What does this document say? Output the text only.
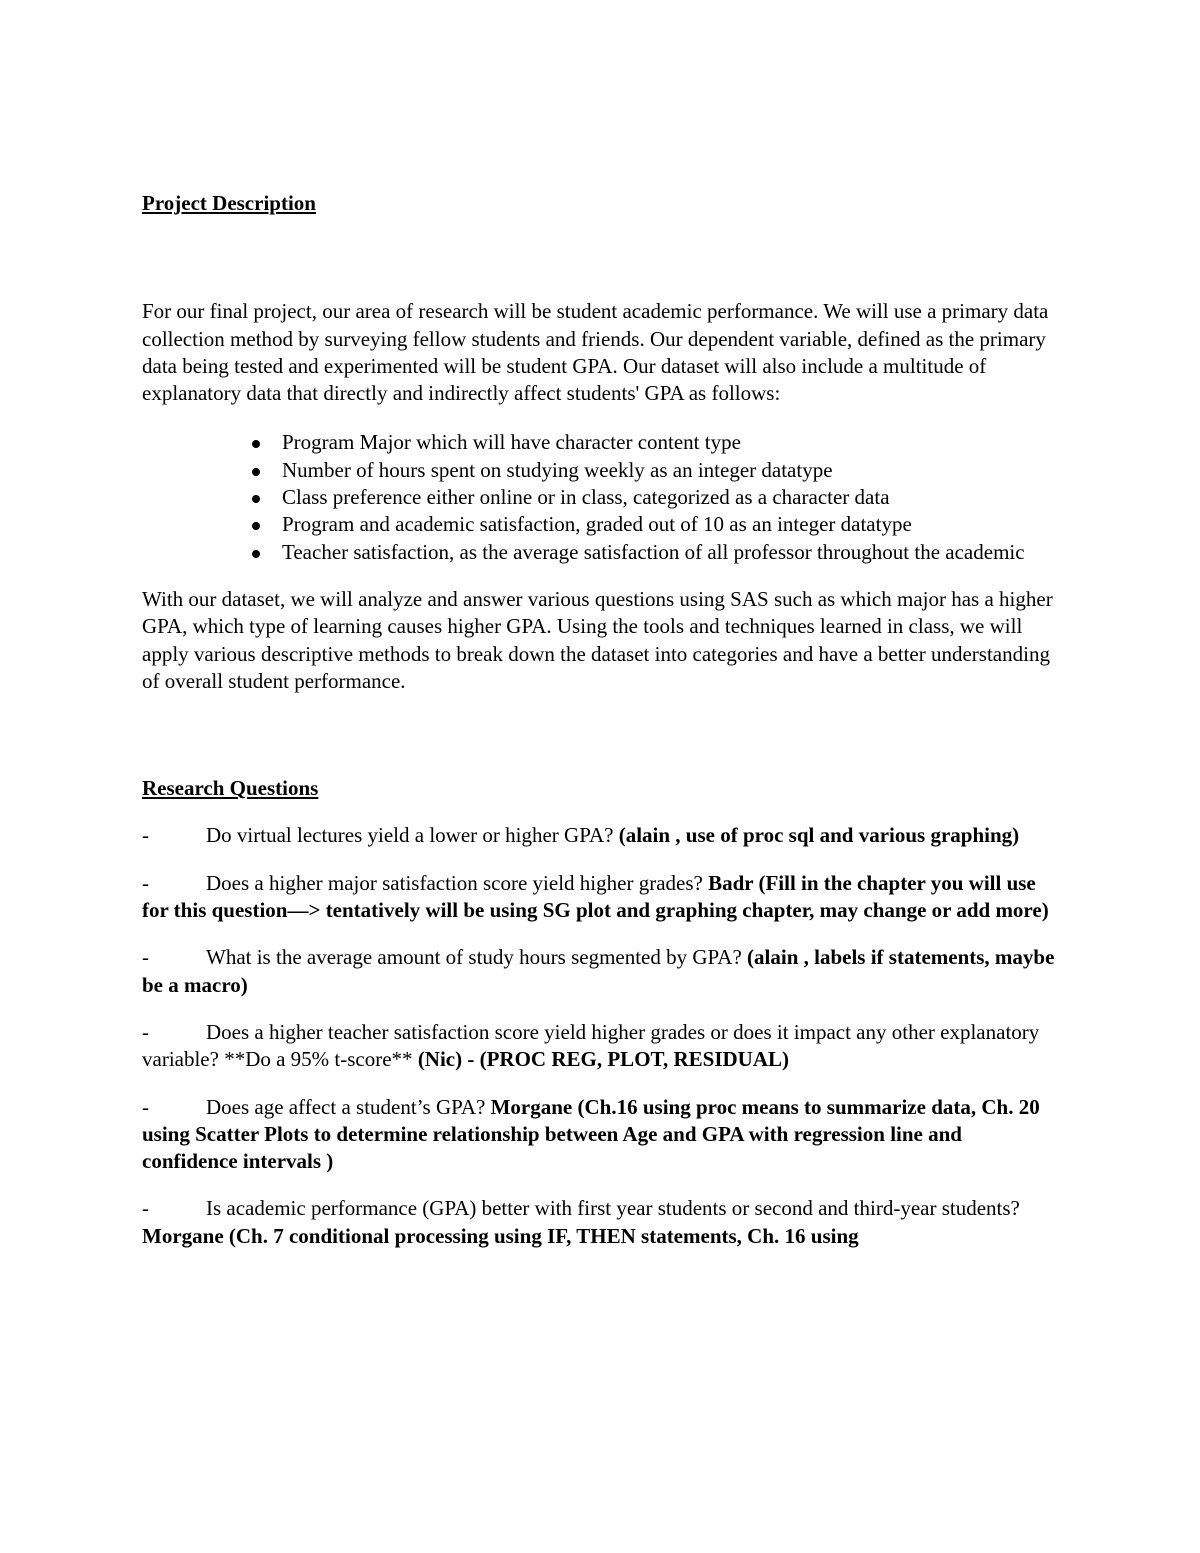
Project Description

For our final project, our area of research will be student academic performance. We will use a primary data collection method by surveying fellow students and friends. Our dependent variable, defined as the primary data being tested and experimented will be student GPA. Our dataset will also include a multitude of explanatory data that directly and indirectly affect students' GPA as follows:

Program Major which will have character content type
Number of hours spent on studying weekly as an integer datatype
Class preference either online or in class, categorized as a character data
Program and academic satisfaction, graded out of 10 as an integer datatype
Teacher satisfaction, as the average satisfaction of all professor throughout the academic

With our dataset, we will analyze and answer various questions using SAS such as which major has a higher GPA, which type of learning causes higher GPA. Using the tools and techniques learned in class, we will apply various descriptive methods to break down the dataset into categories and have a better understanding of overall student performance.

Research Questions

-	Do virtual lectures yield a lower or higher GPA? (alain , use of proc sql and various graphing)

-	Does a higher major satisfaction score yield higher grades? Badr (Fill in the chapter you will use for this question—> tentatively will be using SG plot and graphing chapter, may change or add more)

-	What is the average amount of study hours segmented by GPA? (alain , labels if statements, maybe be a macro)

-	Does a higher teacher satisfaction score yield higher grades or does it impact any other explanatory variable? **Do a 95% t-score** (Nic) - (PROC REG, PLOT, RESIDUAL)

-	Does age affect a student’s GPA? Morgane (Ch.16 using proc means to summarize data, Ch. 20 using Scatter Plots to determine relationship between Age and GPA with regression line and confidence intervals )

-	Is academic performance (GPA) better with first year students or second and third-year students? Morgane (Ch. 7 conditional processing using IF, THEN statements, Ch. 16 using
